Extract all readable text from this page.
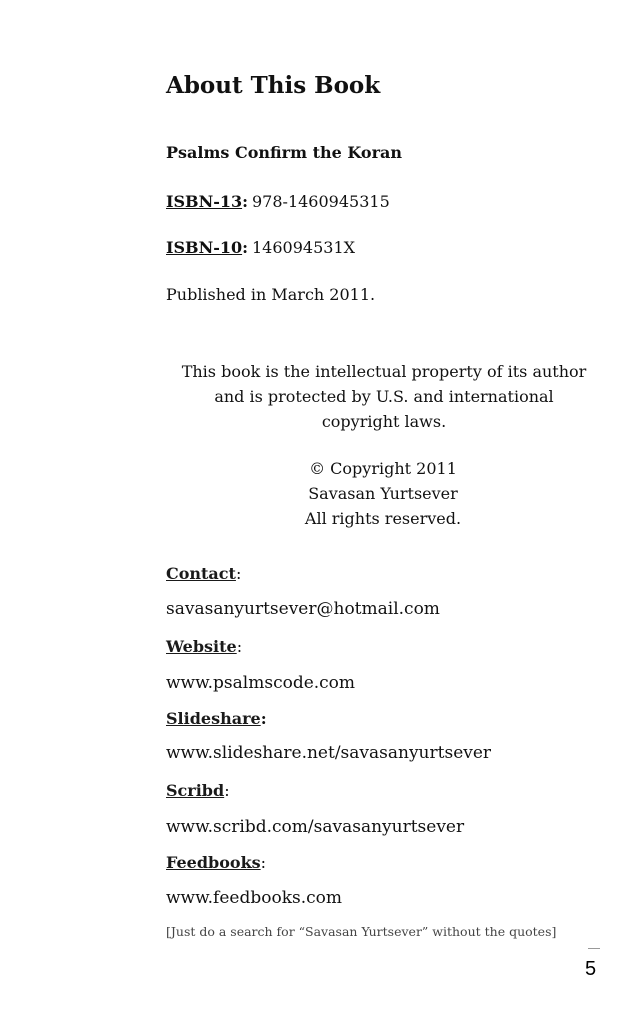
About This Book
Psalms Confirm the Koran
ISBN-13: 978-1460945315
ISBN-10: 146094531X
Published in March 2011.
This book is the intellectual property of its author
and is protected by U.S. and international
copyright laws.
© Copyright 2011
Savasan Yurtsever
All rights reserved.
Contact:
savasanyurtsever@hotmail.com
Website:
www.psalmscode.com
Slideshare:
www.slideshare.net/savasanyurtsever
Scribd:
www.scribd.com/savasanyurtsever
Feedbooks:
www.feedbooks.com
[Just do a search for “Savasan Yurtsever” without the quotes]
5
